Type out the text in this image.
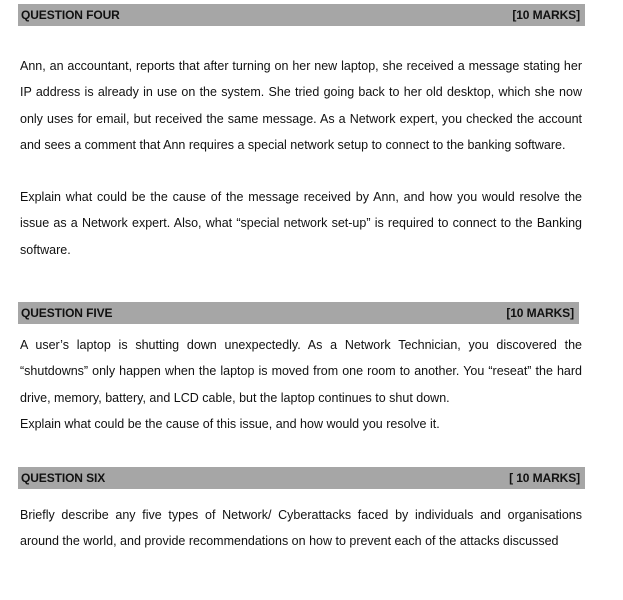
QUESTION FOUR	[10 MARKS]

Ann, an accountant, reports that after turning on her new laptop, she received a message stating her IP address is already in use on the system. She tried going back to her old desktop, which she now only uses for email, but received the same message. As a Network expert, you checked the account and sees a comment that Ann requires a special network setup to connect to the banking software.

Explain what could be the cause of the message received by Ann, and how you would resolve the issue as a Network expert. Also, what “special network set-up” is required to connect to the Banking software.

QUESTION FIVE	[10 MARKS]

A user’s laptop is shutting down unexpectedly. As a Network Technician, you discovered the “shutdowns” only happen when the laptop is moved from one room to another. You “reseat” the hard drive, memory, battery, and LCD cable, but the laptop continues to shut down.

Explain what could be the cause of this issue, and how would you resolve it.

QUESTION SIX	[ 10 MARKS]

Briefly describe any five types of Network/ Cyberattacks faced by individuals and organisations around the world, and provide recommendations on how to prevent each of the attacks discussed
